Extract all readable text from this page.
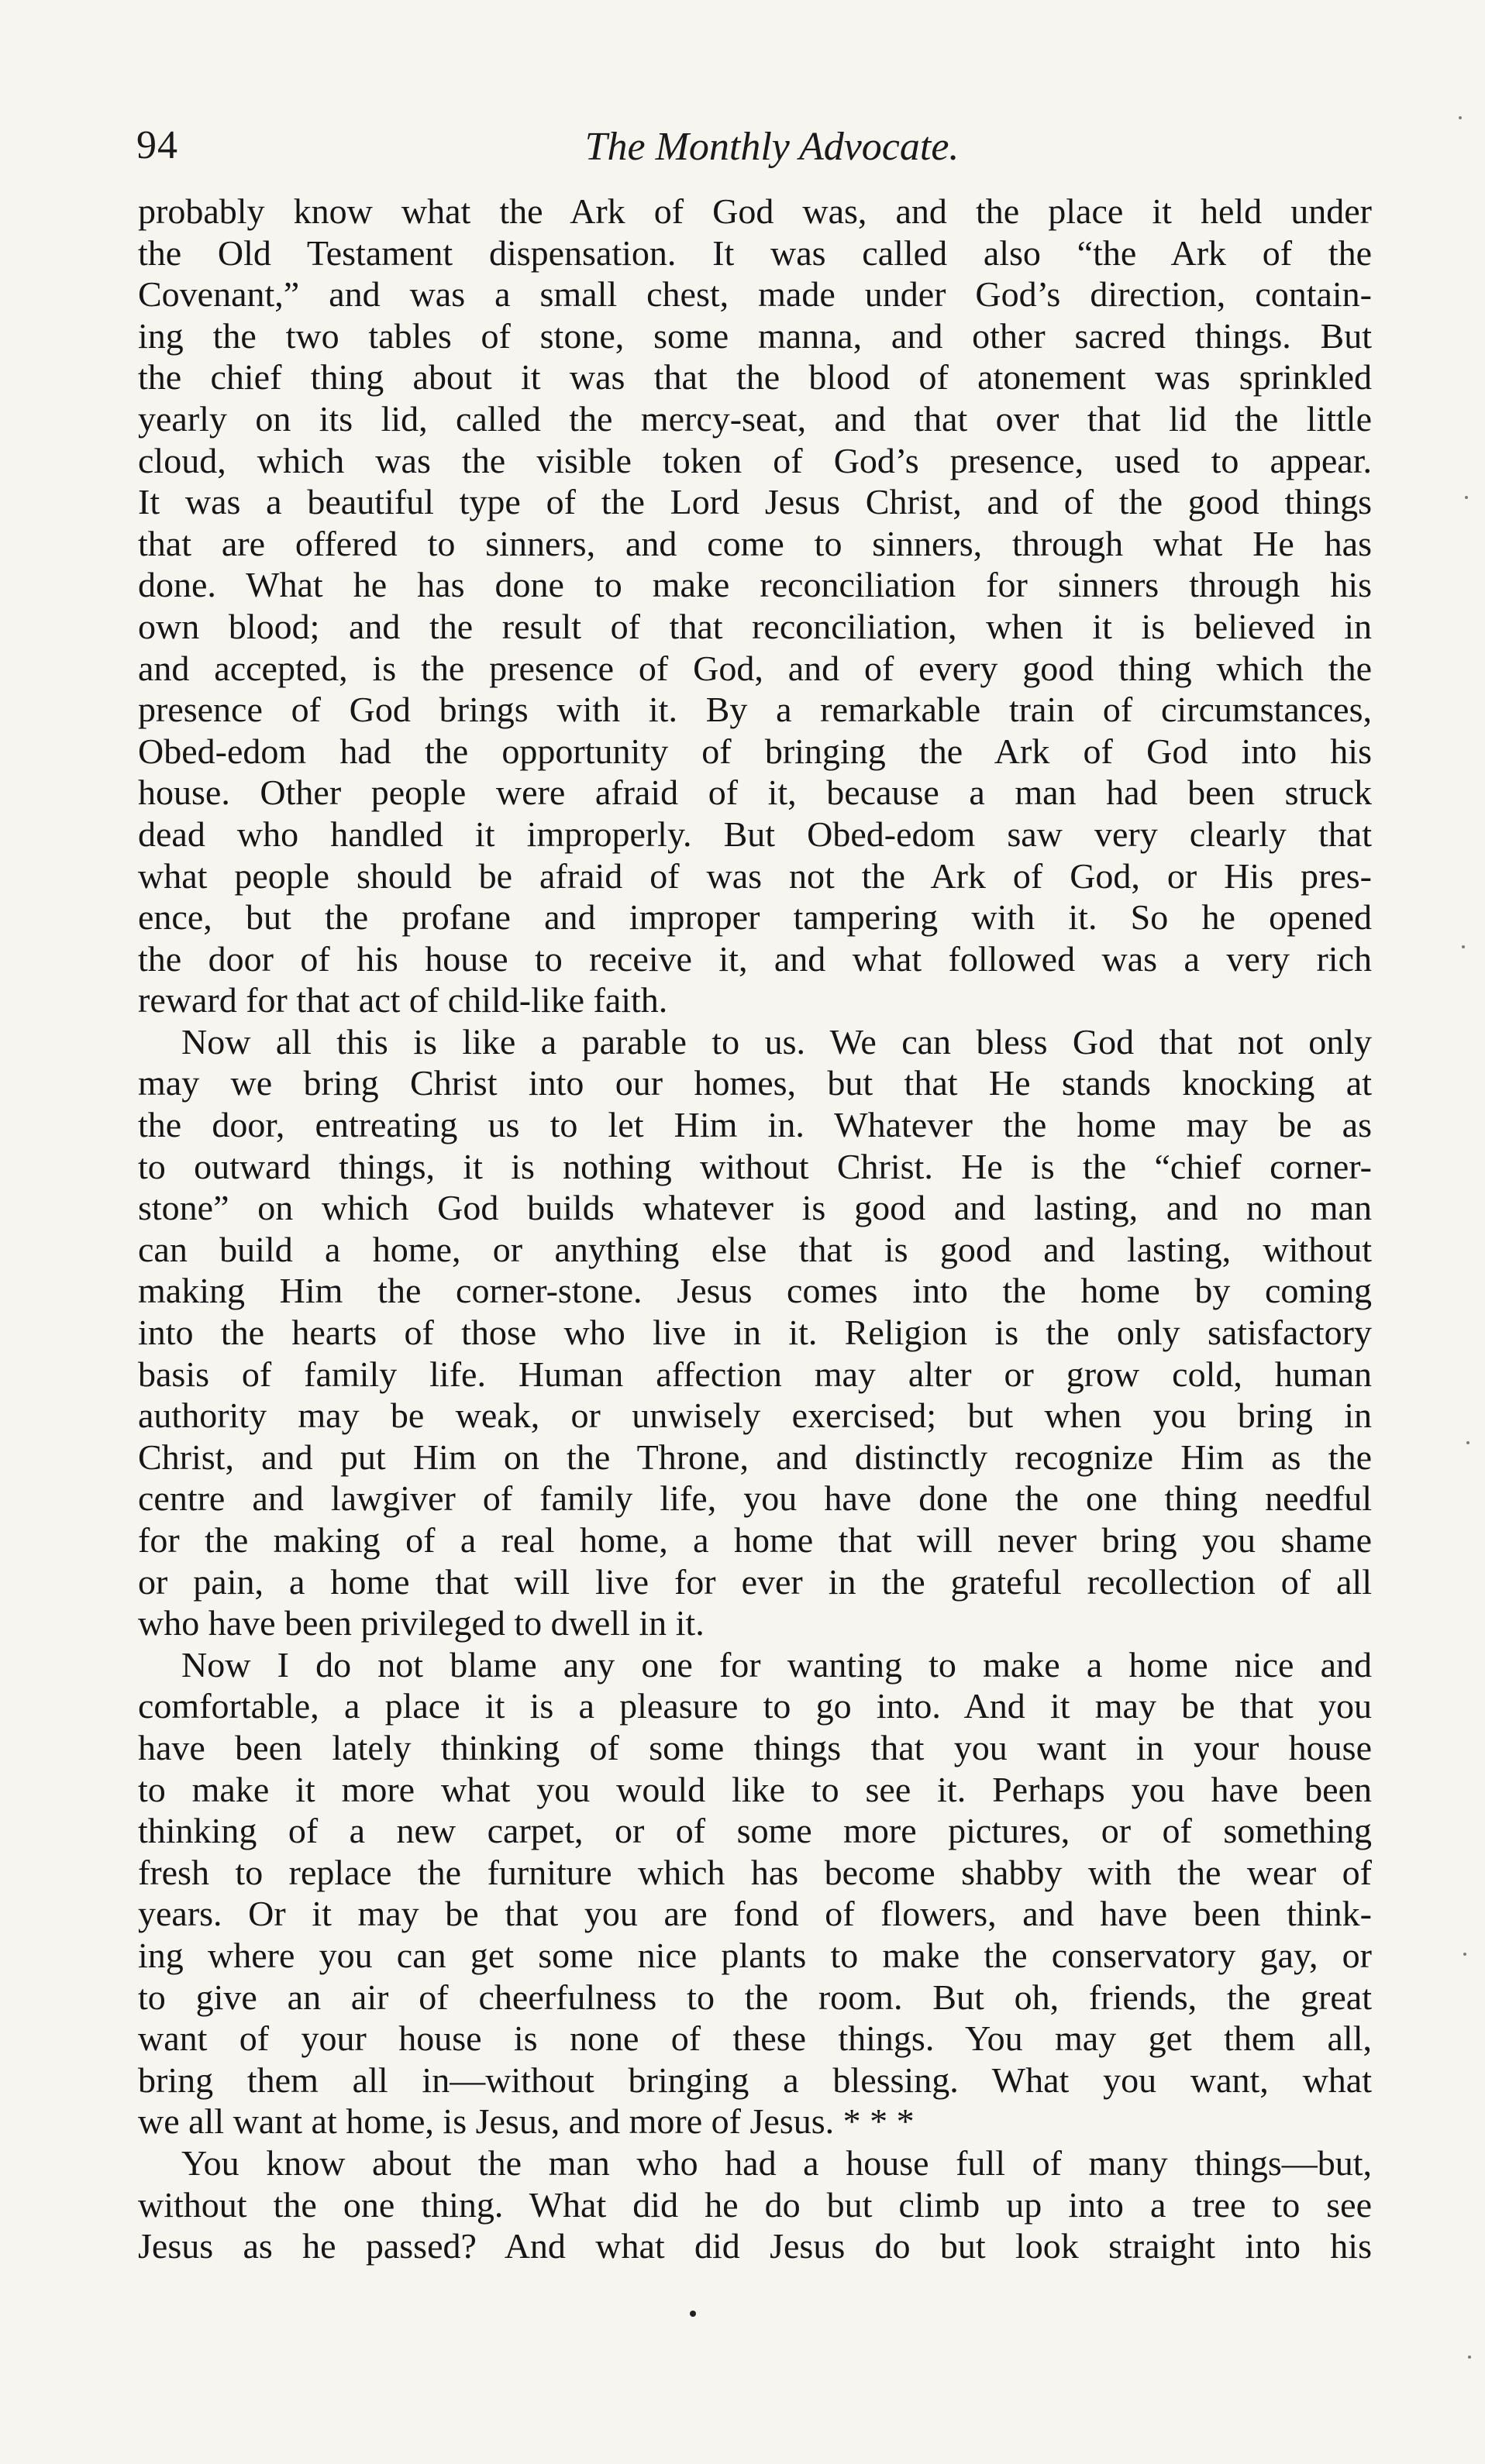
94	The Monthly Advocate.
probably know what the Ark of God was, and the place it held under
the Old Testament dispensation. It was called also “the Ark of the
Covenant,” and was a small chest, made under God’s direction, contain-
ing the two tables of stone, some manna, and other sacred things. But
the chief thing about it was that the blood of atonement was sprinkled
yearly on its lid, called the mercy-seat, and that over that lid the little
cloud, which was the visible token of God’s presence, used to appear.
It was a beautiful type of the Lord Jesus Christ, and of the good things
that are offered to sinners, and come to sinners, through what He has
done. What he has done to make reconciliation for sinners through his
own blood; and the result of that reconciliation, when it is believed in
and accepted, is the presence of God, and of every good thing which the
presence of God brings with it. By a remarkable train of circumstances,
Obed-edom had the opportunity of bringing the Ark of God into his
house. Other people were afraid of it, because a man had been struck
dead who handled it improperly. But Obed-edom saw very clearly that
what people should be afraid of was not the Ark of God, or His pres-
ence, but the profane and improper tampering with it. So he opened
the door of his house to receive it, and what followed was a very rich
reward for that act of child-like faith.
Now all this is like a parable to us. We can bless God that not only
may we bring Christ into our homes, but that He stands knocking at
the door, entreating us to let Him in. Whatever the home may be as
to outward things, it is nothing without Christ. He is the “chief corner-
stone” on which God builds whatever is good and lasting, and no man
can build a home, or anything else that is good and lasting, without
making Him the corner-stone. Jesus comes into the home by coming
into the hearts of those who live in it. Religion is the only satisfactory
basis of family life. Human affection may alter or grow cold, human
authority may be weak, or unwisely exercised; but when you bring in
Christ, and put Him on the Throne, and distinctly recognize Him as the
centre and lawgiver of family life, you have done the one thing needful
for the making of a real home, a home that will never bring you shame
or pain, a home that will live for ever in the grateful recollection of all
who have been privileged to dwell in it.
Now I do not blame any one for wanting to make a home nice and
comfortable, a place it is a pleasure to go into. And it may be that you
have been lately thinking of some things that you want in your house
to make it more what you would like to see it. Perhaps you have been
thinking of a new carpet, or of some more pictures, or of something
fresh to replace the furniture which has become shabby with the wear of
years. Or it may be that you are fond of flowers, and have been think-
ing where you can get some nice plants to make the conservatory gay, or
to give an air of cheerfulness to the room. But oh, friends, the great
want of your house is none of these things. You may get them all,
bring them all in—without bringing a blessing. What you want, what
we all want at home, is Jesus, and more of Jesus. * * *
You know about the man who had a house full of many things—but,
without the one thing. What did he do but climb up into a tree to see
Jesus as he passed? And what did Jesus do but look straight into his
